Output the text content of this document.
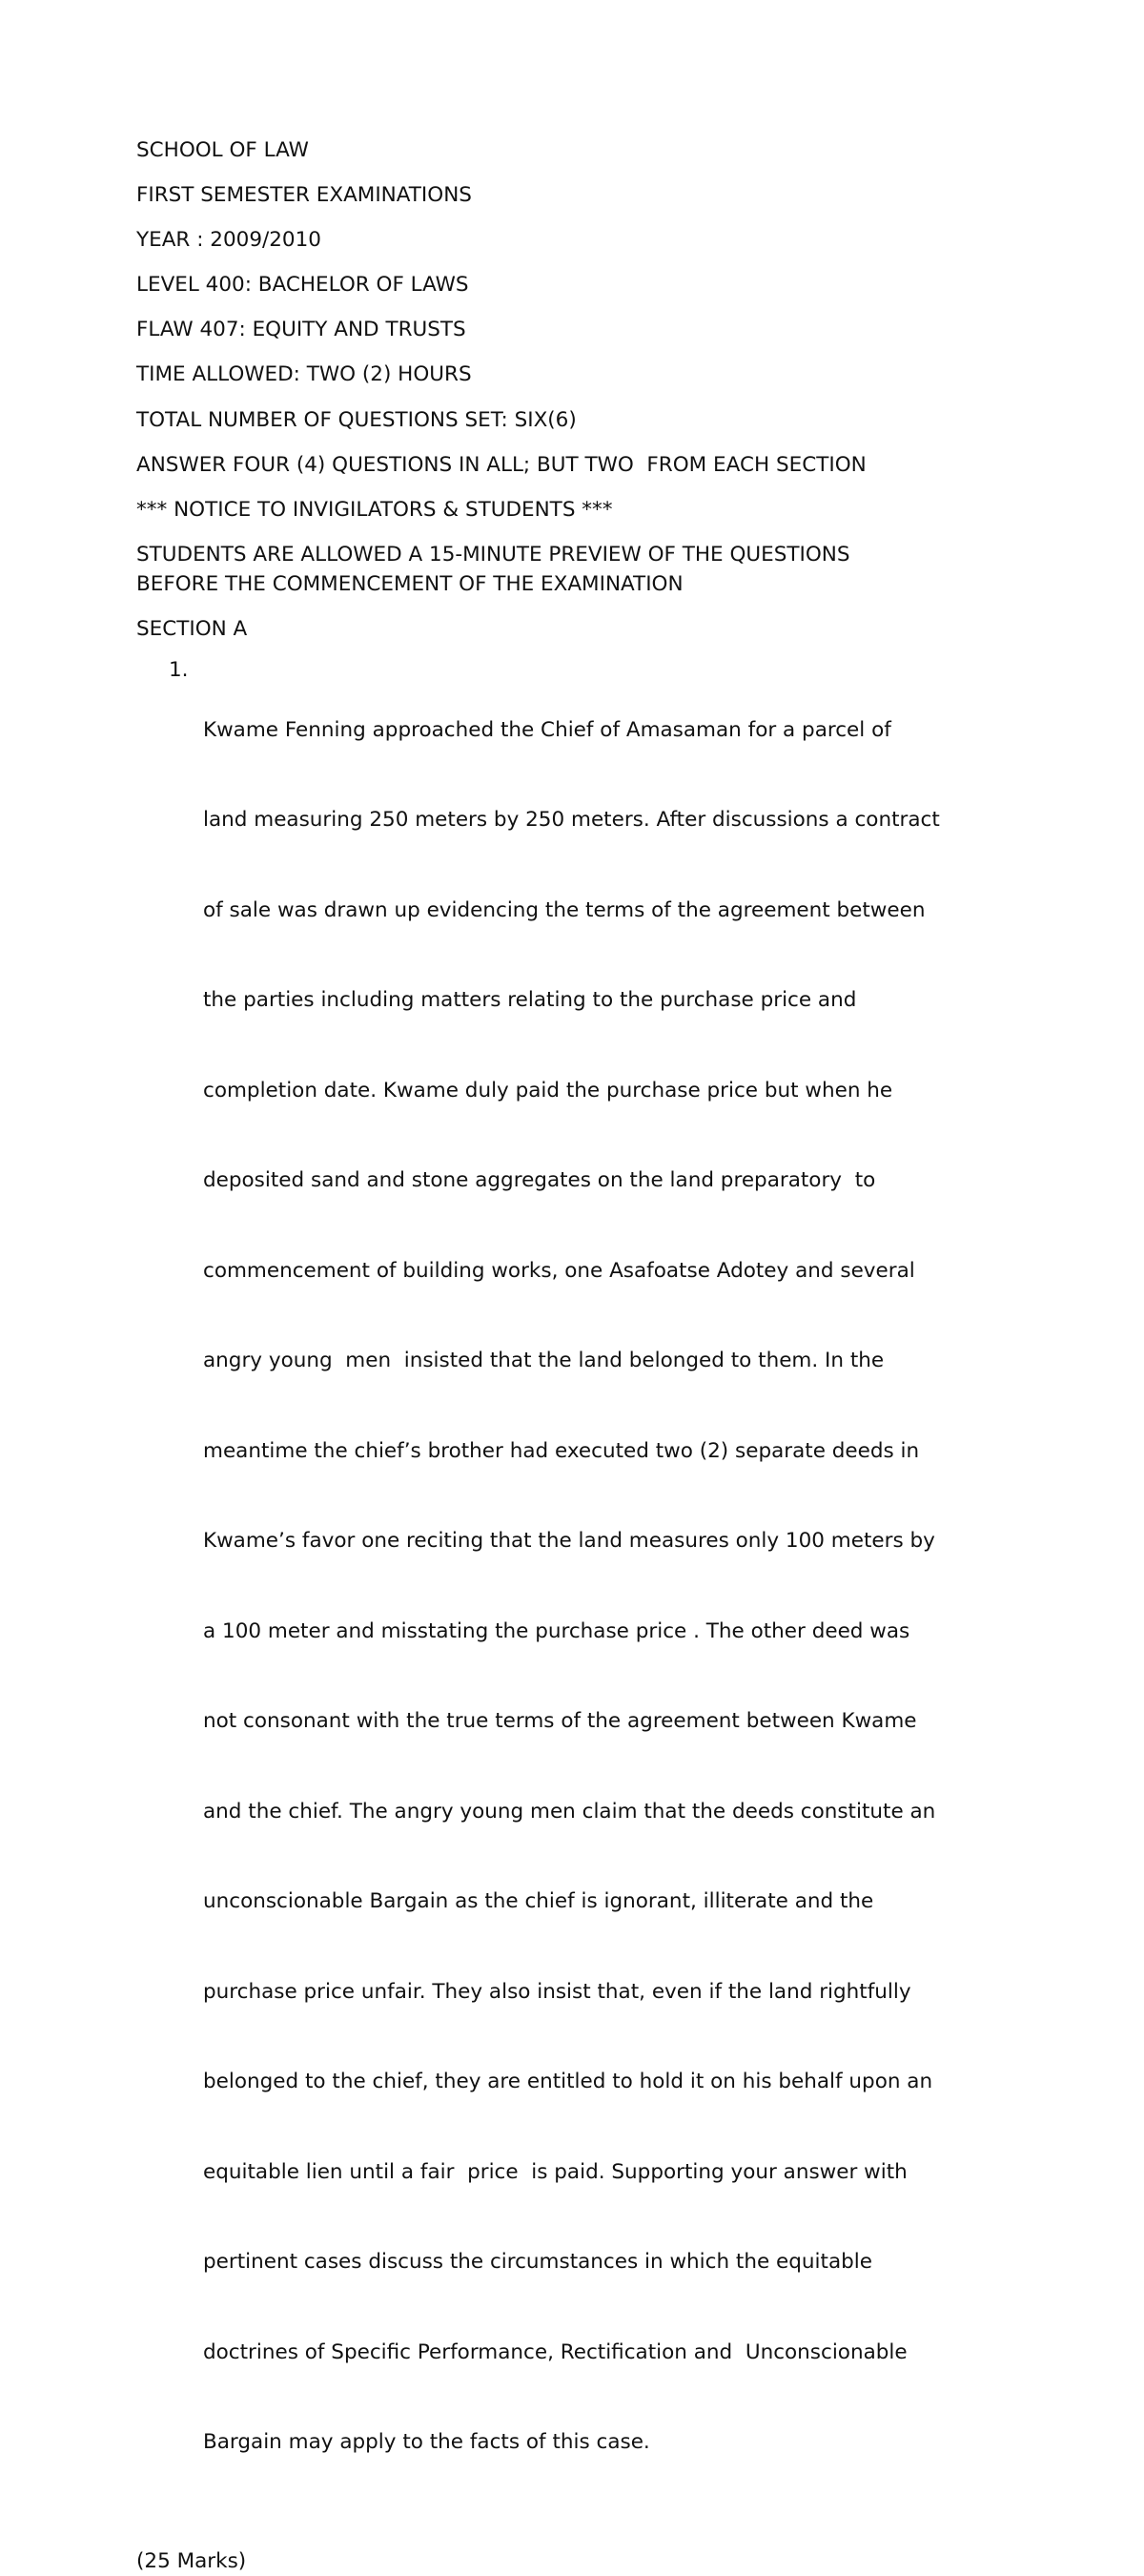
SCHOOL OF LAW
FIRST SEMESTER EXAMINATIONS
YEAR : 2009/2010
LEVEL 400: BACHELOR OF LAWS
FLAW 407: EQUITY AND TRUSTS
TIME ALLOWED: TWO (2) HOURS
TOTAL NUMBER OF QUESTIONS SET: SIX(6)
ANSWER FOUR (4) QUESTIONS IN ALL; BUT TWO  FROM EACH SECTION
*** NOTICE TO INVIGILATORS & STUDENTS ***
STUDENTS ARE ALLOWED A 15-MINUTE PREVIEW OF THE QUESTIONS
BEFORE THE COMMENCEMENT OF THE EXAMINATION
SECTION A
1.

Kwame Fenning approached the Chief of Amasaman for a parcel of

land measuring 250 meters by 250 meters. After discussions a contract

of sale was drawn up evidencing the terms of the agreement between

the parties including matters relating to the purchase price and

completion date. Kwame duly paid the purchase price but when he

deposited sand and stone aggregates on the land preparatory  to

commencement of building works, one Asafoatse Adotey and several

angry young  men  insisted that the land belonged to them. In the

meantime the chief’s brother had executed two (2) separate deeds in

Kwame’s favor one reciting that the land measures only 100 meters by

a 100 meter and misstating the purchase price . The other deed was

not consonant with the true terms of the agreement between Kwame

and the chief. The angry young men claim that the deeds constitute an

unconscionable Bargain as the chief is ignorant, illiterate and the

purchase price unfair. They also insist that, even if the land rightfully

belonged to the chief, they are entitled to hold it on his behalf upon an

equitable lien until a fair  price  is paid. Supporting your answer with

pertinent cases discuss the circumstances in which the equitable

doctrines of Specific Performance, Rectification and  Unconscionable

Bargain may apply to the facts of this case.

(25 Marks)
